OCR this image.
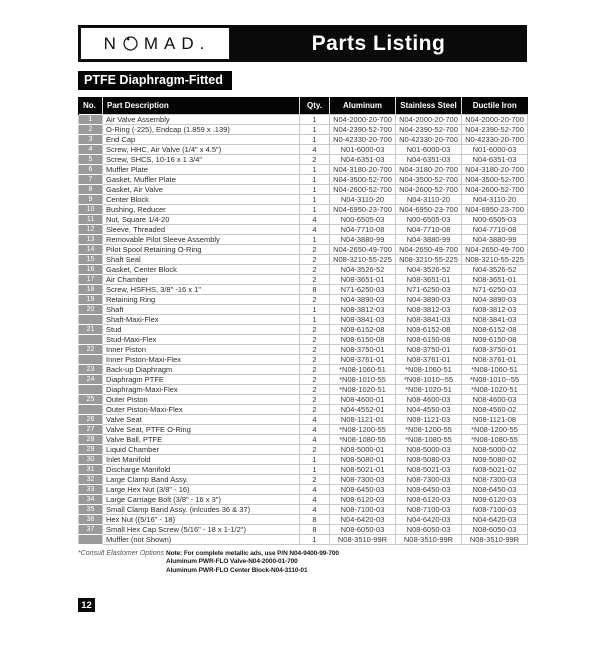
N MAD.	Parts Listing
PTFE Diaphragm-Fitted
No.	Part Description	Qty.	Aluminum	Stainless Steel	Ductile Iron
1	Air Valve Assembly	1	N04-2000-20-700	N04-2000-20-700	N04-2000-20-700
2	O-Ring (-225), Endcap (1.859 x .139)	1	N04-2390-52-700	N04-2390-52-700	N04-2390-52-700
3	End Cap	1	N0-42330-20-700	N0-42330-20-700	N0-42330-20-700
4	Screw, HHC, Air Valve (1/4" x 4.5")	4	N01-6000-03	N01-6000-03	N01-6000-03
5	Screw, SHCS, 10-16 x 1 3/4"	2	N04-6351-03	N04-6351-03	N04-6351-03
6	Muffler Plate	1	N04-3180-20-700	N04-3180-20-700	N04-3180-20-700
7	Gasket, Muffler Plate	1	N04-3500-52-700	N04-3500-52-700	N04-3500-52-700
8	Gasket, Air Valve	1	N04-2600-52-700	N04-2600-52-700	N04-2600-52-700
9	Center Block	1	N04-3110-20	N04-3110-20	N04-3110-20
10	Bushing, Reducer	1	N04-6950-23-700	N04-6950-23-700	N04-6950-23-700
11	Nut, Square 1/4-20	4	N00-6505-03	N00-6505-03	N00-6505-03
12	Sleeve, Threaded	4	N04-7710-08	N04-7710-08	N04-7710-08
13	Removable Pilot Sleeve Assembly	1	N04-3880-99	N04-3880-99	N04-3880-99
14	Pilot Spool Retaining O-Ring	2	N04-2650-49-700	N04-2650-49-700	N04-2650-49-700
15	Shaft Seal	2	N08-3210-55-225	N08-3210-55-225	N08-3210-55-225
16	Gasket, Center Block	2	N04-3526-52	N04-3526-52	N04-3526-52
17	Air Chamber	2	N08-3651-01	N08-3651-01	N08-3651-01
18	Screw, HSFHS, 3/8" -16 x 1"	8	N71-6250-03	N71-6250-03	N71-6250-03
19	Retaining Ring	2	N04-3890-03	N04-3890-03	N04-3890-03
20	Shaft	1	N08-3812-03	N08-3812-03	N08-3812-03
	Shaft-Maxi-Flex	1	N08-3841-03	N08-3841-03	N08-3841-03
21	Stud	2	N08-6152-08	N08-6152-08	N08-6152-08
	Stud-Maxi-Flex	2	N08-6150-08	N08-6150-08	N08-6150-08
22	Inner Piston	2	N08-3750-01	N08-3750-01	N08-3750-01
	Inner Piston-Maxi-Flex	2	N08-3761-01	N08-3761-01	N08-3761-01
23	Back-up Diaphragm	2	*N08-1060-51	*N08-1060-51	*N08-1060-51
24	Diaphragm PTFE	2	*N08-1010-55	*N08-1010--55	*N08-1010--55
	Diaphragm-Maxi-Flex	2	*N08-1020-51	*N08-1020-51	*N08-1020-51
25	Outer Piston	2	N08-4600-01	N08-4600-03	N08-4600-03
	Outer Piston-Maxi-Flex	2	N04-4552-01	N04-4550-03	N08-4560-02
26	Valve Seat	4	N08-1121-01	N08-1121-03	N08-1121-08
27	Valve Seat, PTFE O-Ring	4	*N08-1200-55	*N08-1200-55	*N08-1200-55
28	Valve Ball, PTFE	4	*N08-1080-55	*N08-1080-55	*N08-1080-55
29	Liquid Chamber	2	N08-5000-01	N08-5000-03	N08-5000-02
30	Inlet Manifold	1	N08-5080-01	N08-5080-03	N08-5080-02
31	Discharge Manifold	1	N08-5021-01	N08-5021-03	N08-5021-02
32	Large Clamp Band Assy.	2	N08-7300-03	N08-7300-03	N08-7300-03
33	Large Hex Nut (3/8" - 16)	4	N08-6450-03	N08-6450-03	N08-6450-03
34	Large Carriage Bolt (3/8" - 16 x 3")	4	N08-6120-03	N08-6120-03	N08-6120-03
35	Small Clamp Band Assy. (inlcudes 36 & 37)	4	N08-7100-03	N08-7100-03	N08-7100-03
36	Hex Nut ((5/16" - 18)	8	N04-6420-03	N04-6420-03	N04-6420-03
37	Small Hex Cap Screw (5/16" - 18 x 1-1/2")	8	N08-6050-03	N08-6050-03	N08-6050-03
	Muffler (not Shown)	1	N08-3510-99R	N08-3510-99R	N08-3510-99R
*Consult Elastomer Options Note: For complete metallic ads, use P/N N04-9400-99-700
Aluminum PWR-FLO Valve-N04-2000-01-700
Aluminum PWR-FLO Center Block-N04-3110-01
12
